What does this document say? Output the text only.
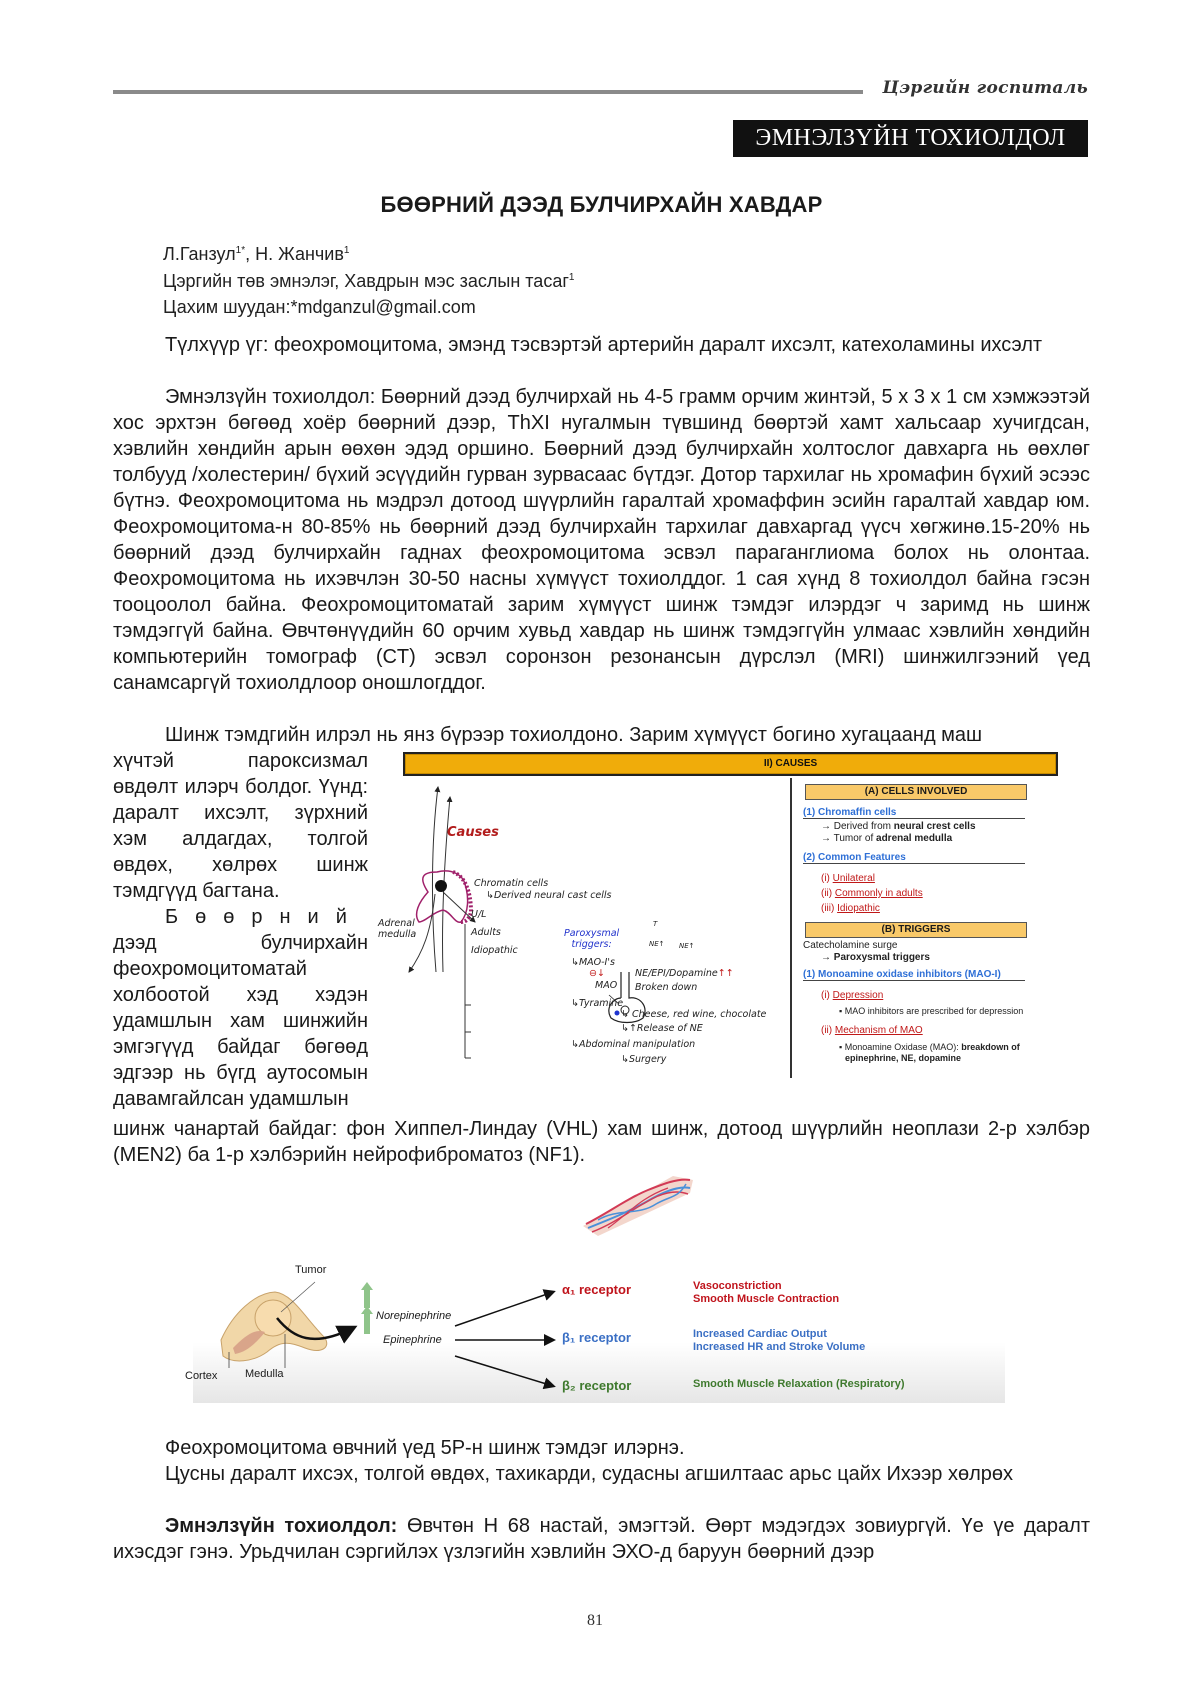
Цэргийн госпиталь
ЭМНЭЛЗҮЙН ТОХИОЛДОЛ
БӨӨРНИЙ ДЭЭД БУЛЧИРХАЙН ХАВДАР
Л.Ганзул$^{1*}$, Н. Жанчив$^1$
Цэргийн төв эмнэлэг, Хавдрын мэс заслын тасаг$^1$
Цахим шуудан:*mdganzul@gmail.com
Түлхүүр үг: феохромоцитома, эмэнд тэсвэртэй артерийн даралт ихсэлт, катехоламины ихсэлт
Эмнэлзүйн тохиолдол: Бөөрний дээд булчирхай нь 4-5 грамм орчим жинтэй, 5 x 3 x 1 см хэмжээтэй хос эрхтэн бөгөөд хоёр бөөрний дээр, ThXI нугалмын түвшинд бөөртэй хамт хальсаар хучигдсан, хэвлийн хөндийн арын өөхөн эдэд оршино. Бөөрний дээд булчирхайн холтослог давхарга нь өөхлөг толбууд /холестерин/ бүхий эсүүдийн гурван зурвасаас бүтдэг. Дотор тархилаг нь хромафин бүхий эсээс бүтнэ. Феохромоцитома нь мэдрэл дотоод шүүрлийн гаралтай хромаффин эсийн гаралтай хавдар юм. Феохромоцитома-н 80-85% нь бөөрний дээд булчирхайн тархилаг давхаргад үүсч хөгжинө.15-20% нь бөөрний дээд булчирхайн гаднах феохромоцитома эсвэл параганглиома болох нь олонтаа. Феохромоцитома нь ихэвчлэн 30-50 насны хүмүүст тохиолддог. 1 сая хүнд 8 тохиолдол байна гэсэн тооцоолол байна. Феохромоцитоматай зарим хүмүүст шинж тэмдэг илэрдэг ч заримд нь шинж тэмдэггүй байна. Өвчтөнүүдийн 60 орчим хувьд хавдар нь шинж тэмдэггүйн улмаас хэвлийн хөндийн компьютерийн томограф (CT) эсвэл соронзон резонансын дүрслэл (MRI) шинжилгээний үед санамсаргүй тохиолдлоор оношлогддог.
Шинж тэмдгийн илрэл нь янз бүрээр тохиолдоно. Зарим хүмүүст богино хугацаанд маш

хүчтэй пароксизмал өвдөлт илэрч болдог. Үүнд: даралт ихсэлт, зүрхний хэм алдагдах, толгой өвдөх, хөлрөх шинж тэмдгүүд багтана.

Бөөрний дээд булчирхайн феохромоцитоматай холбоотой хэд хэдэн удамшлын хам шинжийн эмгэгүүд байдаг бөгөөд эдгээр нь бүгд аутосомын давамгайлсан удамшлын

II) CAUSES
Causes
Adrenal
medulla
Chromatin cells
↳Derived neural cast cells
U/L
Adults
Idiopathic
Paroxysmal
triggers:
T
NE↑ NE↑
↳MAO-I's
⊖↓
MAO
NE/EPI/Dopamine↑↑
Broken down
↳Tyramine
↳ Cheese, red wine, chocolate
↳↑Release of NE
↳Abdominal manipulation
↳Surgery
(A) CELLS INVOLVED
(1) Chromaffin cells
→ Derived from neural crest cells
→ Tumor of adrenal medulla
(2) Common Features
(i) Unilateral
(ii) Commonly in adults
(iii) Idiopathic
(B) TRIGGERS
Catecholamine surge
→ Paroxysmal triggers
(1) Monoamine oxidase inhibitors (MAO-I)
(i) Depression
▪ MAO inhibitors are prescribed for depression
(ii) Mechanism of MAO
▪ Monoamine Oxidase (MAO): breakdown of
epinephrine, NE, dopamine
шинж чанартай байдаг: фон Хиппел-Линдау (VHL) хам шинж, дотоод шүүрлийн неоплази 2-р хэлбэр (MEN2) ба 1-р хэлбэрийн нейрофиброматоз (NF1).
Tumor
Cortex	Medulla
Norepinephrine
Epinephrine
α₁ receptor
β₁ receptor
β₂ receptor
Vasoconstriction
Smooth Muscle Contraction
Increased Cardiac Output
Increased HR and Stroke Volume
Smooth Muscle Relaxation (Respiratory)
Феохромоцитома өвчний үед 5P-н шинж тэмдэг илэрнэ.
Цусны даралт ихсэх, толгой өвдөх, тахикарди, судасны агшилтаас арьс цайх Ихээр хөлрөх
Эмнэлзүйн тохиолдол: Өвчтөн Н 68 настай, эмэгтэй. Өөрт мэдэгдэх зовиургүй. Үе үе даралт ихэсдэг гэнэ. Урьдчилан сэргийлэх үзлэгийн хэвлийн ЭХО-д баруун бөөрний дээр
81
